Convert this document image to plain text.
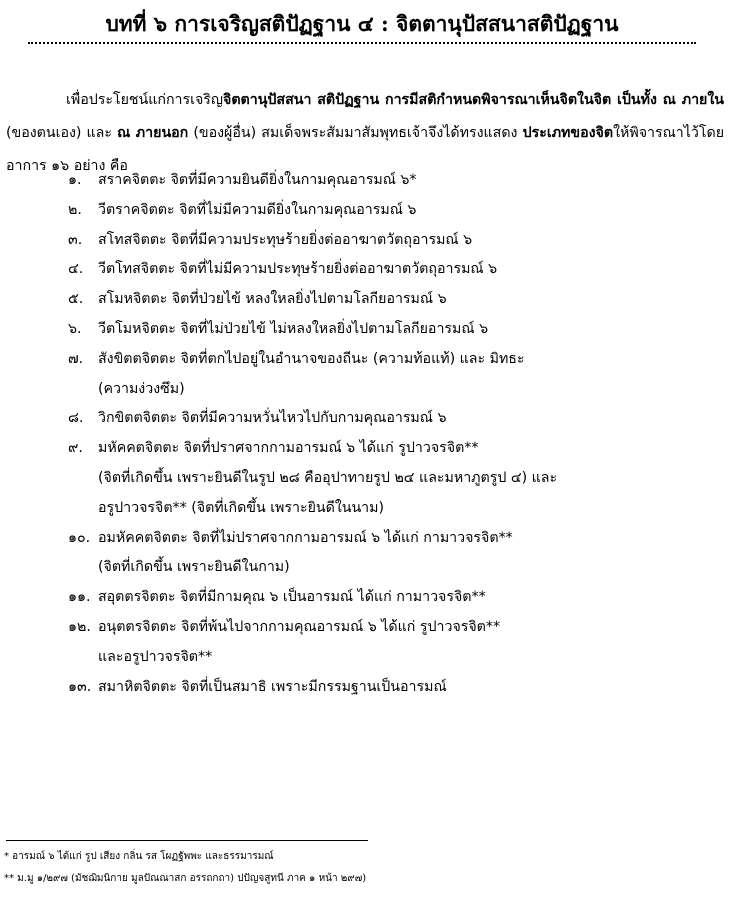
บทที่ ๖ การเจริญสติปัฏฐาน ๔ : จิตตานุปัสสนาสติปัฏฐาน

เพื่อประโยชน์แก่การเจริญจิตตานุปัสสนา สติปัฏฐาน การมีสติกำหนดพิจารณาเห็นจิตในจิต เป็นทั้ง ณ ภายใน (ของตนเอง) และ ณ ภายนอก (ของผู้อื่น) สมเด็จพระสัมมาสัมพุทธเจ้าจึงได้ทรงแสดง ประเภทของจิตให้พิจารณาไว้โดยอาการ ๑๖ อย่าง คือ

๑.	สราคจิตตะ จิตที่มีความยินดียิ่งในกามคุณอารมณ์ ๖*
๒.	วีตราคจิตตะ จิตที่ไม่มีความดียิ่งในกามคุณอารมณ์ ๖
๓.	สโทสจิตตะ จิตที่มีความประทุษร้ายยิ่งต่ออาฆาตวัตถุอารมณ์ ๖
๔.	วีตโทสจิตตะ จิตที่ไม่มีความประทุษร้ายยิ่งต่ออาฆาตวัตถุอารมณ์ ๖
๕.	สโมหจิตตะ จิตที่ป่วยไข้ หลงใหลยิ่งไปตามโลกียอารมณ์ ๖
๖.	วีตโมหจิตตะ จิตที่ไม่ป่วยไข้ ไม่หลงใหลยิ่งไปตามโลกียอารมณ์ ๖
๗.	สังขิตตจิตตะ จิตที่ตกไปอยู่ในอำนาจของถีนะ (ความท้อแท้) และ มิทธะ
(ความง่วงซึม)
๘.	วิกขิตตจิตตะ จิตที่มีความหวั่นไหวไปกับกามคุณอารมณ์ ๖
๙.	มหัคคตจิตตะ จิตที่ปราศจากกามอารมณ์ ๖ ได้แก่ รูปาวจรจิต**
(จิตที่เกิดขึ้น เพราะยินดีในรูป ๒๘ คืออุปาทายรูป ๒๔ และมหาภูตรูป ๔) และ
อรูปาวจรจิต** (จิตที่เกิดขึ้น เพราะยินดีในนาม)
๑๐. อมหัคคตจิตตะ จิตที่ไม่ปราศจากกามอารมณ์ ๖ ได้แก่ กามาวจรจิต**
(จิตที่เกิดขึ้น เพราะยินดีในกาม)
๑๑. สอุตตรจิตตะ จิตที่มีกามคุณ ๖ เป็นอารมณ์ ได้แก่ กามาวจรจิต**
๑๒. อนุตตรจิตตะ จิตที่พ้นไปจากกามคุณอารมณ์ ๖ ได้แก่ รูปาวจรจิต**
และอรูปาวจรจิต**
๑๓. สมาหิตจิตตะ จิตที่เป็นสมาธิ เพราะมีกรรมฐานเป็นอารมณ์
* อารมณ์ ๖ ได้แก่ รูป เสียง กลิ่น รส โผฏฐัพพะ และธรรมารมณ์
** ม.มู ๑/๒๙๗ (มัชฌิมนิกาย มูลปัณณาสก อรรถกถา) ปปัญจสูทนี ภาค ๑ หน้า ๒๙๗)
